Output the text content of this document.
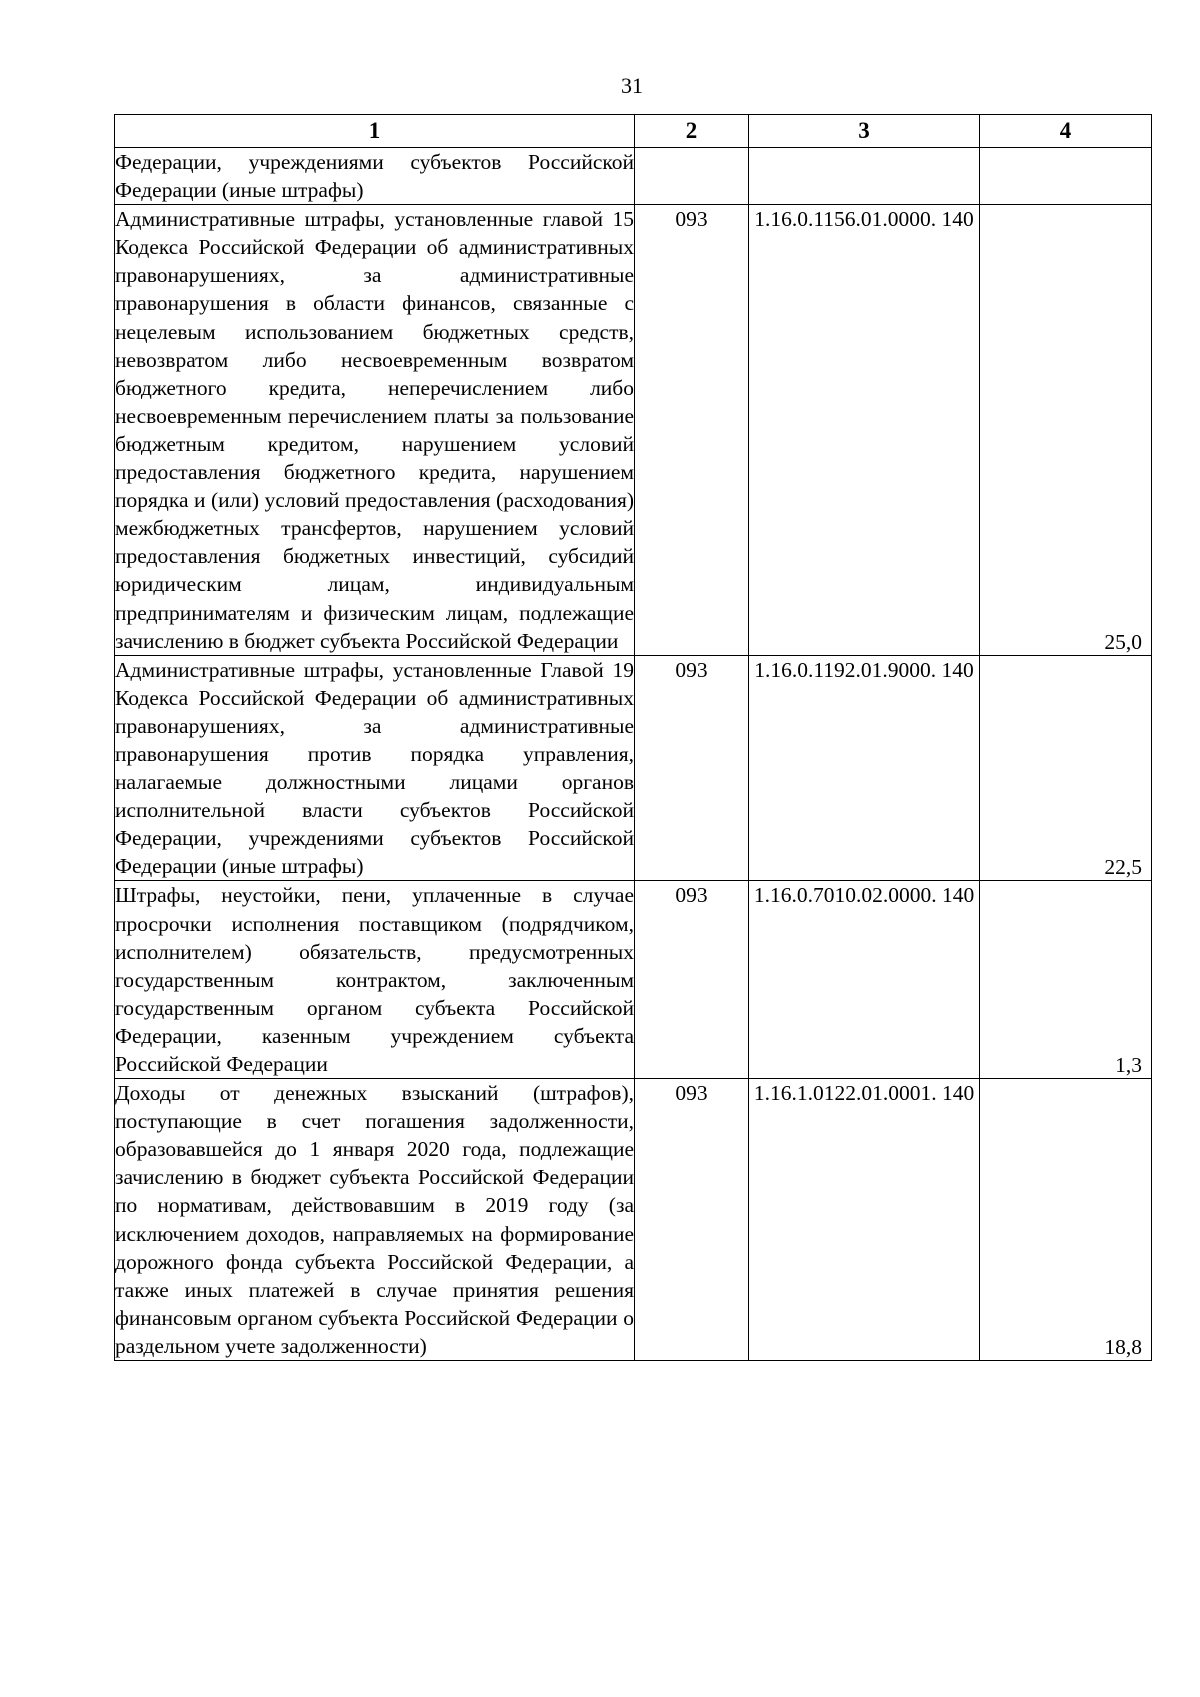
31
1	2	3	4
Федерации, учреждениями субъектов Российской Федерации (иные штрафы)			

Административные штрафы, установленные главой 15 Кодекса Российской Федерации об административных правонарушениях, за административные правонарушения в области финансов, связанные с нецелевым использованием бюджетных средств, невозвратом либо несвоевременным возвратом бюджетного кредита, неперечислением либо несвоевременным перечислением платы за пользование бюджетным кредитом, нарушением условий предоставления бюджетного кредита, нарушением порядка и (или) условий предоставления (расходования) межбюджетных трансфертов, нарушением условий предоставления бюджетных инвестиций, субсидий юридическим лицам, индивидуальным предпринимателям и физическим лицам, подлежащие зачислению в бюджет субъекта Российской Федерации	093	1.16.0.1156.01.0000. 140	25,0

Административные штрафы, установленные Главой 19 Кодекса Российской Федерации об административных правонарушениях, за административные правонарушения против порядка управления, налагаемые должностными лицами органов исполнительной власти субъектов Российской Федерации, учреждениями субъектов Российской Федерации (иные штрафы)	093	1.16.0.1192.01.9000. 140	22,5

Штрафы, неустойки, пени, уплаченные в случае просрочки исполнения поставщиком (подрядчиком, исполнителем) обязательств, предусмотренных государственным контрактом, заключенным государственным органом субъекта Российской Федерации, казенным учреждением субъекта Российской Федерации	093	1.16.0.7010.02.0000. 140	1,3

Доходы от денежных взысканий (штрафов), поступающие в счет погашения задолженности, образовавшейся до 1 января 2020 года, подлежащие зачислению в бюджет субъекта Российской Федерации по нормативам, действовавшим в 2019 году (за исключением доходов, направляемых на формирование дорожного фонда субъекта Российской Федерации, а также иных платежей в случае принятия решения финансовым органом субъекта Российской Федерации о раздельном учете задолженности)	093	1.16.1.0122.01.0001. 140	18,8
